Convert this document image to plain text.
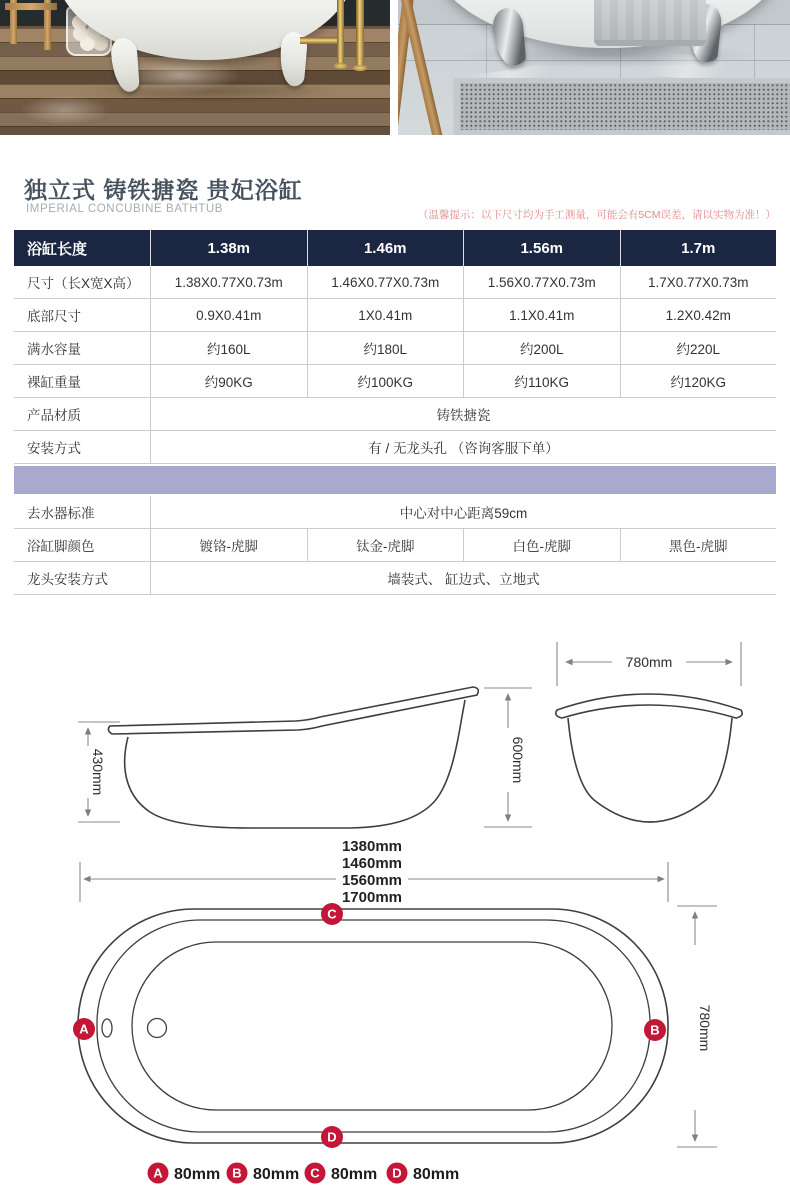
独立式 铸铁搪瓷 贵妃浴缸
IMPERIAL CONCUBINE BATHTUB	（温馨提示：以下尺寸均为手工测量，可能会有5CM误差，请以实物为准！）
浴缸长度	1.38m	1.46m	1.56m	1.7m
尺寸（长X宽X高）	1.38X0.77X0.73m	1.46X0.77X0.73m	1.56X0.77X0.73m	1.7X0.77X0.73m
底部尺寸	0.9X0.41m	1X0.41m	1.1X0.41m	1.2X0.42m
满水容量	约160L	约180L	约200L	约220L
裸缸重量	约90KG	约100KG	约110KG	约120KG
产品材质	铸铁搪瓷
安装方式	有 / 无龙头孔 （咨询客服下单）
去水器标准	中心对中心距离59cm
浴缸脚颜色	镀铬-虎脚	钛金-虎脚	白色-虎脚	黑色-虎脚
龙头安装方式	墙装式、 缸边式、立地式
430mm	600mm
780mm
1380mm
1460mm
1560mm
1700mm
780mm
A	B
C
D
A 80mm B 80mm C 80mm D 80mm
